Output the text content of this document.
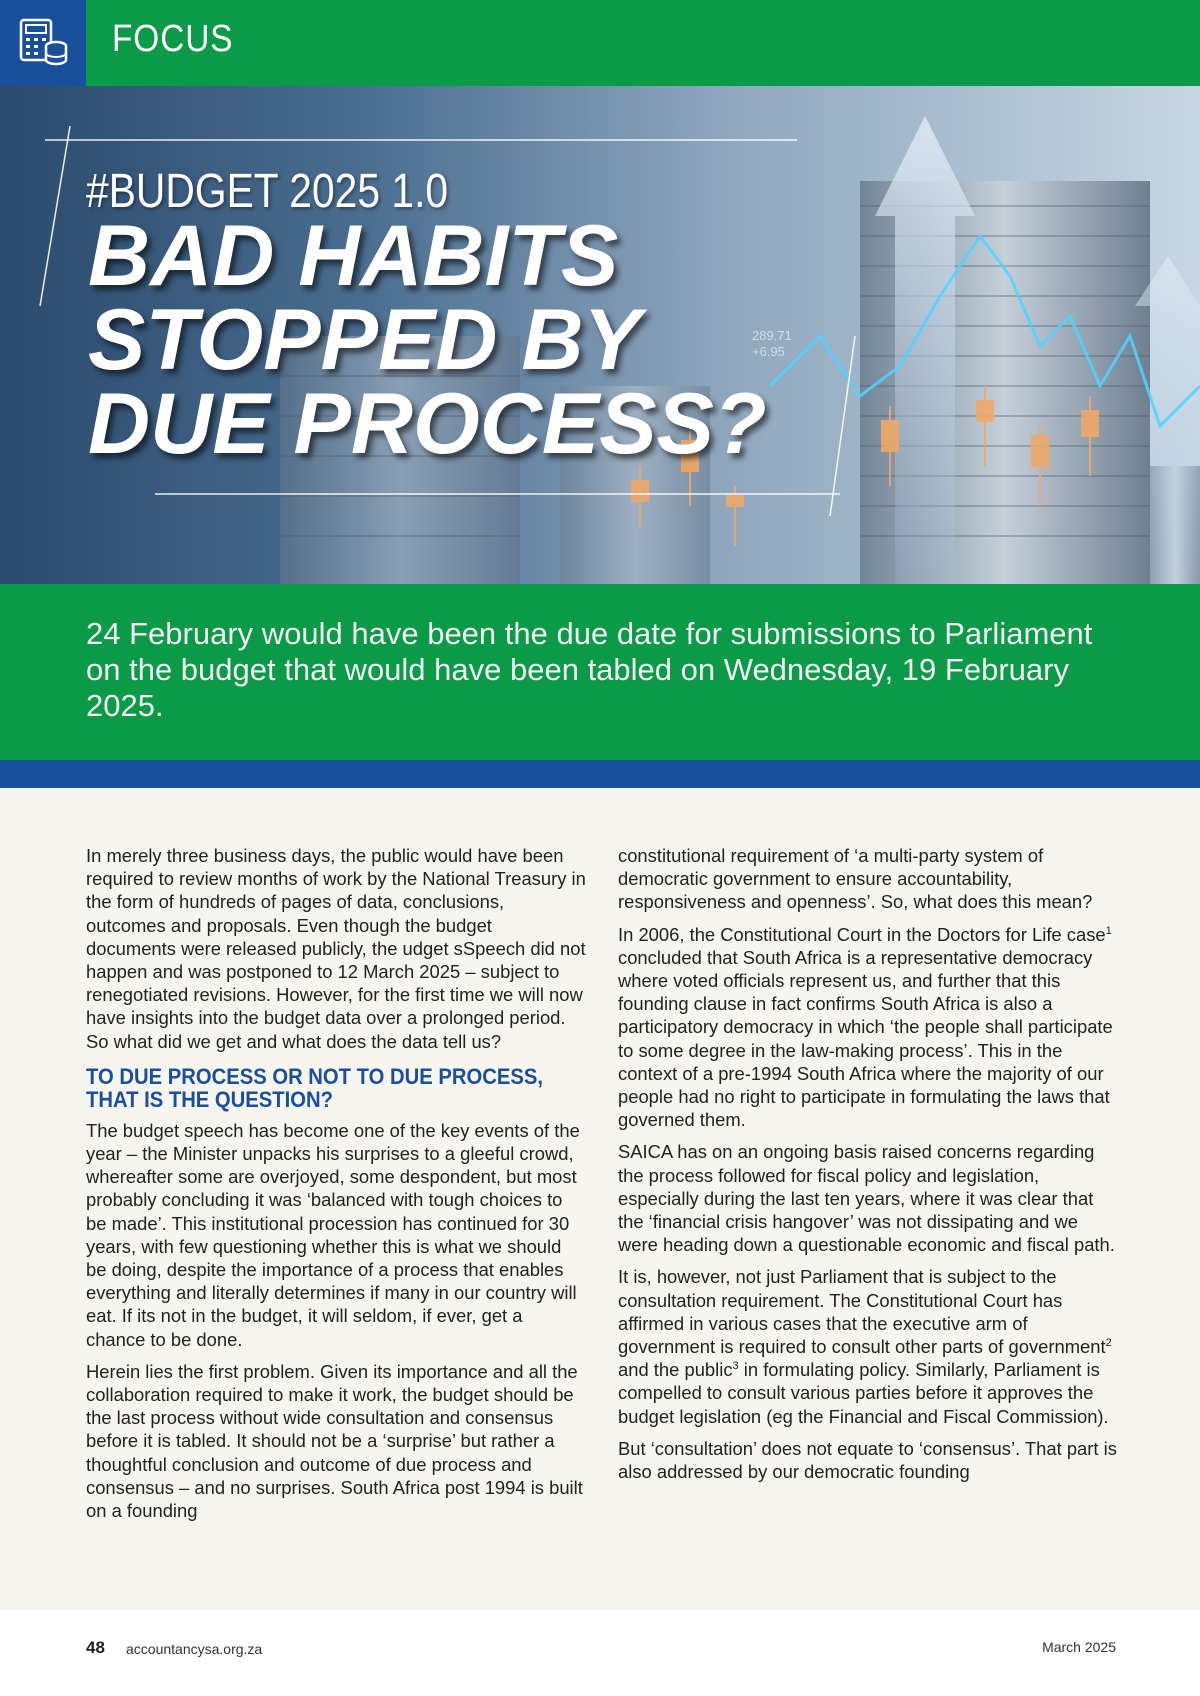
FOCUS
289.71
+6.95
#BUDGET 2025 1.0
BAD HABITS
STOPPED BY
DUE PROCESS?

24 February would have been the due date for submissions to Parliament on the budget that would have been tabled on Wednesday, 19 February 2025.

In merely three business days, the public would have been required to review months of work by the National Treasury in the form of hundreds of pages of data, conclusions, outcomes and proposals. Even though the budget documents were released publicly, the udget sSpeech did not happen and was postponed to 12 March 2025 – subject to renegotiated revisions. However, for the first time we will now have insights into the budget data over a prolonged period. So what did we get and what does the data tell us?

TO DUE PROCESS OR NOT TO DUE PROCESS, THAT IS THE QUESTION?

The budget speech has become one of the key events of the year – the Minister unpacks his surprises to a gleeful crowd, whereafter some are overjoyed, some despondent, but most probably concluding it was ‘balanced with tough choices to be made’. This institutional procession has continued for 30 years, with few questioning whether this is what we should be doing, despite the importance of a process that enables everything and literally determines if many in our country will eat. If its not in the budget, it will seldom, if ever, get a chance to be done.

Herein lies the first problem. Given its importance and all the collaboration required to make it work, the budget should be the last process without wide consultation and consensus before it is tabled. It should not be a ‘surprise’ but rather a thoughtful conclusion and outcome of due process and consensus – and no surprises. South Africa post 1994 is built on a founding

constitutional requirement of ‘a multi-party system of democratic government to ensure accountability, responsiveness and openness’. So, what does this mean?

In 2006, the Constitutional Court in the Doctors for Life case$^1$ concluded that South Africa is a representative democracy where voted officials represent us, and further that this founding clause in fact confirms South Africa is also a participatory democracy in which ‘the people shall participate to some degree in the law-making process’. This in the context of a pre-1994 South Africa where the majority of our people had no right to participate in formulating the laws that governed them.

SAICA has on an ongoing basis raised concerns regarding the process followed for fiscal policy and legislation, especially during the last ten years, where it was clear that the ‘financial crisis hangover’ was not dissipating and we were heading down a questionable economic and fiscal path.

It is, however, not just Parliament that is subject to the consultation requirement. The Constitutional Court has affirmed in various cases that the executive arm of government is required to consult other parts of government$^2$ and the public$^3$ in formulating policy. Similarly, Parliament is compelled to consult various parties before it approves the budget legislation (eg the Financial and Fiscal Commission).

But ‘consultation’ does not equate to ‘consensus’. That part is also addressed by our democratic founding

48 accountancysa.org.za	March 2025
